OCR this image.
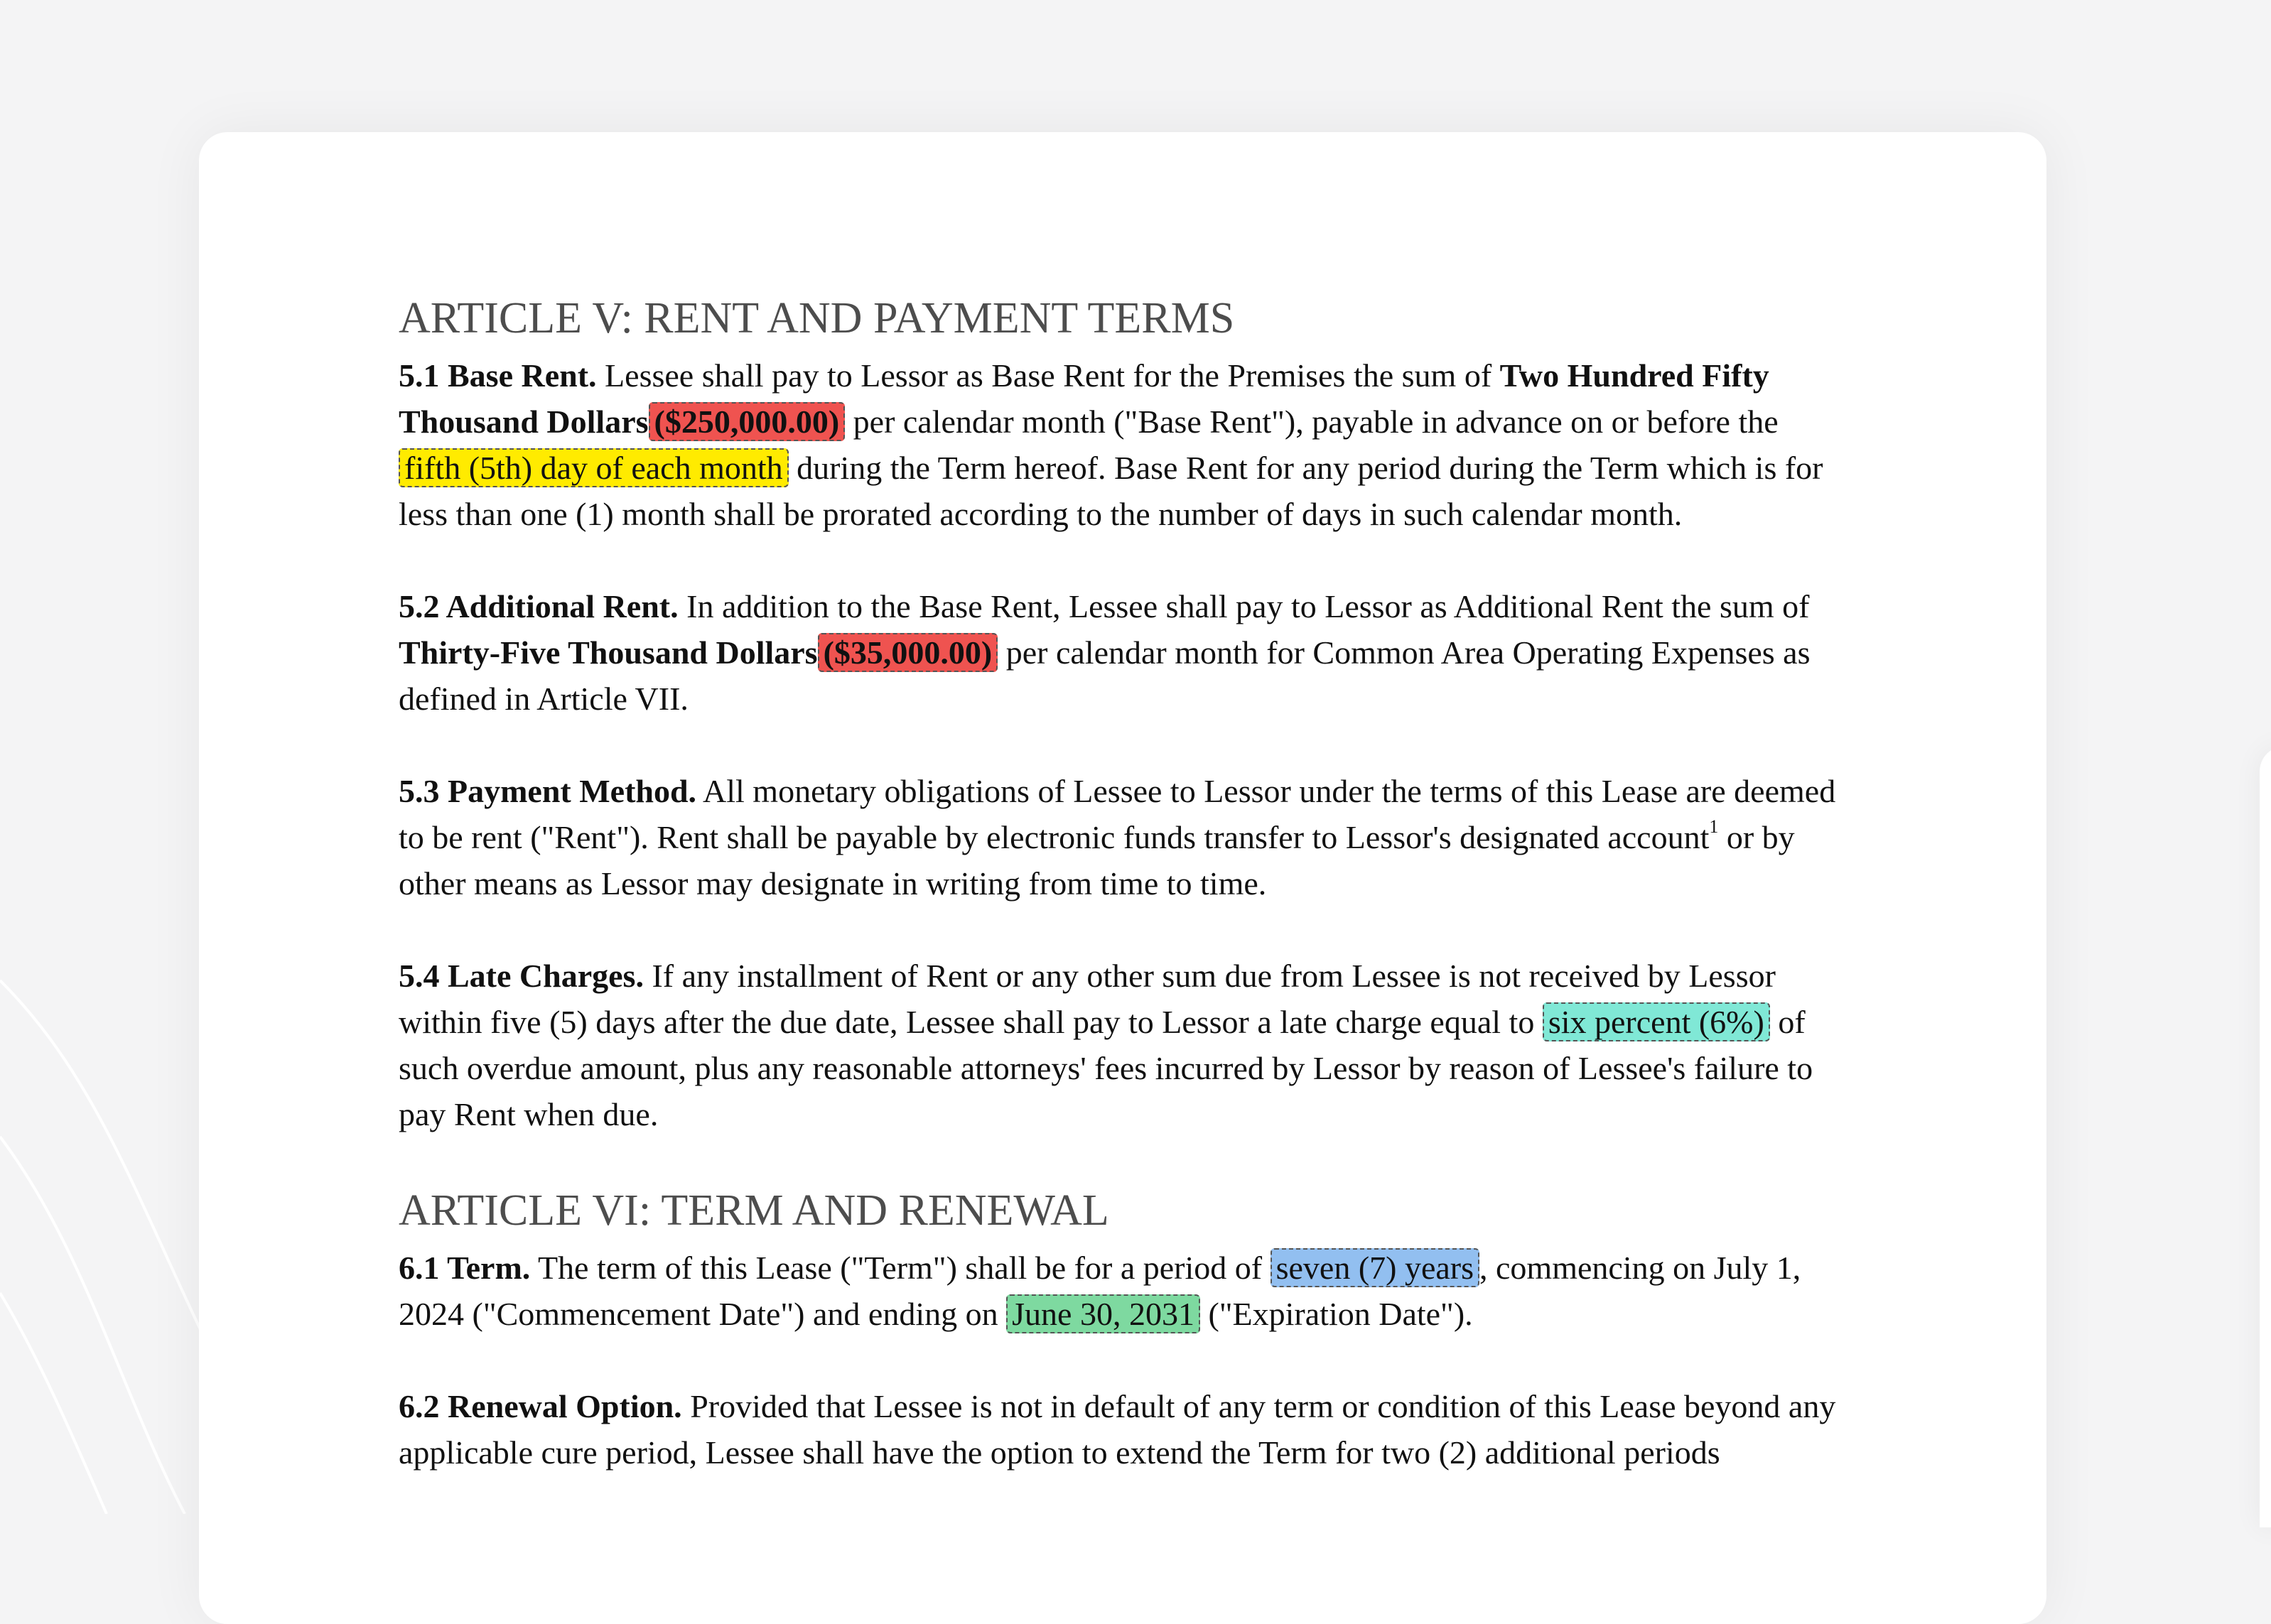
ARTICLE V: RENT AND PAYMENT TERMS

5.1 Base Rent. Lessee shall pay to Lessor as Base Rent for the Premises the sum of Two Hundred Fifty Thousand Dollars ($250,000.00) per calendar month ("Base Rent"), payable in advance on or before the fifth (5th) day of each month during the Term hereof. Base Rent for any period during the Term which is for less than one (1) month shall be prorated according to the number of days in such calendar month.

5.2 Additional Rent. In addition to the Base Rent, Lessee shall pay to Lessor as Additional Rent the sum of Thirty-Five Thousand Dollars ($35,000.00) per calendar month for Common Area Operating Expenses as defined in Article VII.

5.3 Payment Method. All monetary obligations of Lessee to Lessor under the terms of this Lease are deemed to be rent ("Rent"). Rent shall be payable by electronic funds transfer to Lessor's designated account$^1$ or by other means as Lessor may designate in writing from time to time.

5.4 Late Charges. If any installment of Rent or any other sum due from Lessee is not received by Lessor within five (5) days after the due date, Lessee shall pay to Lessor a late charge equal to six percent (6%) of such overdue amount, plus any reasonable attorneys' fees incurred by Lessor by reason of Lessee's failure to pay Rent when due.

ARTICLE VI: TERM AND RENEWAL

6.1 Term. The term of this Lease ("Term") shall be for a period of seven (7) years , commencing on July 1, 2024 ("Commencement Date") and ending on June 30, 2031 ("Expiration Date").

6.2 Renewal Option. Provided that Lessee is not in default of any term or condition of this Lease beyond any applicable cure period, Lessee shall have the option to extend the Term for two (2) additional periods
